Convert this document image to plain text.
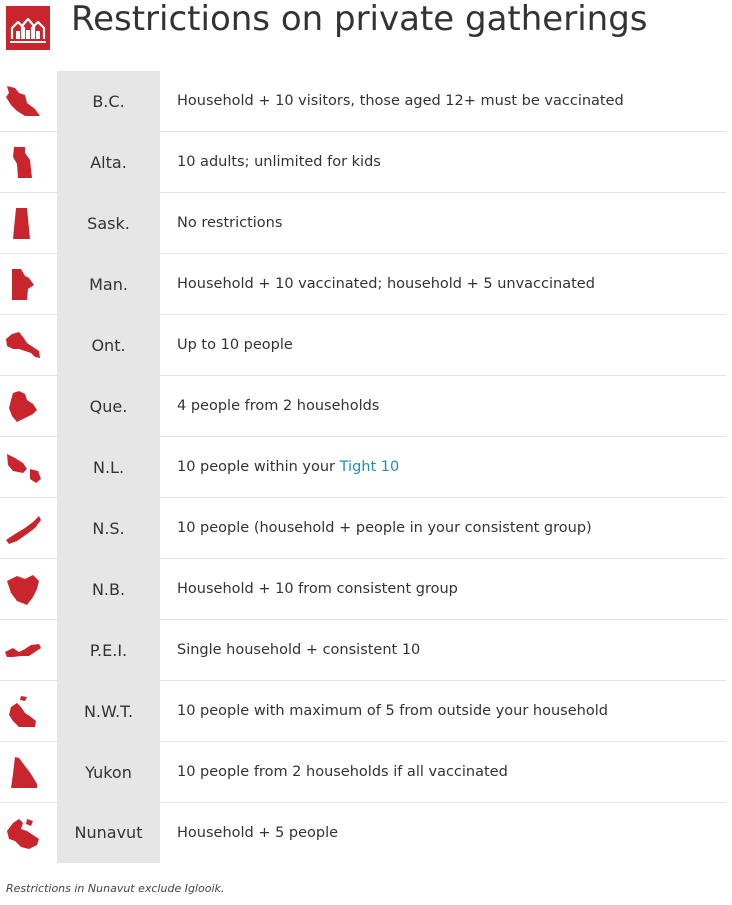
Restrictions on private gatherings
B.C.	Household + 10 visitors, those aged 12+ must be vaccinated
Alta.	10 adults; unlimited for kids
Sask.	No restrictions
Man.	Household + 10 vaccinated; household + 5 unvaccinated
Ont.	Up to 10 people
Que.	4 people from 2 households
N.L.	10 people within your Tight 10
N.S.	10 people (household + people in your consistent group)
N.B.	Household + 10 from consistent group
P.E.I.	Single household + consistent 10
N.W.T.	10 people with maximum of 5 from outside your household
Yukon	10 people from 2 households if all vaccinated
Nunavut	Household + 5 people
Restrictions in Nunavut exclude Iglooik.
